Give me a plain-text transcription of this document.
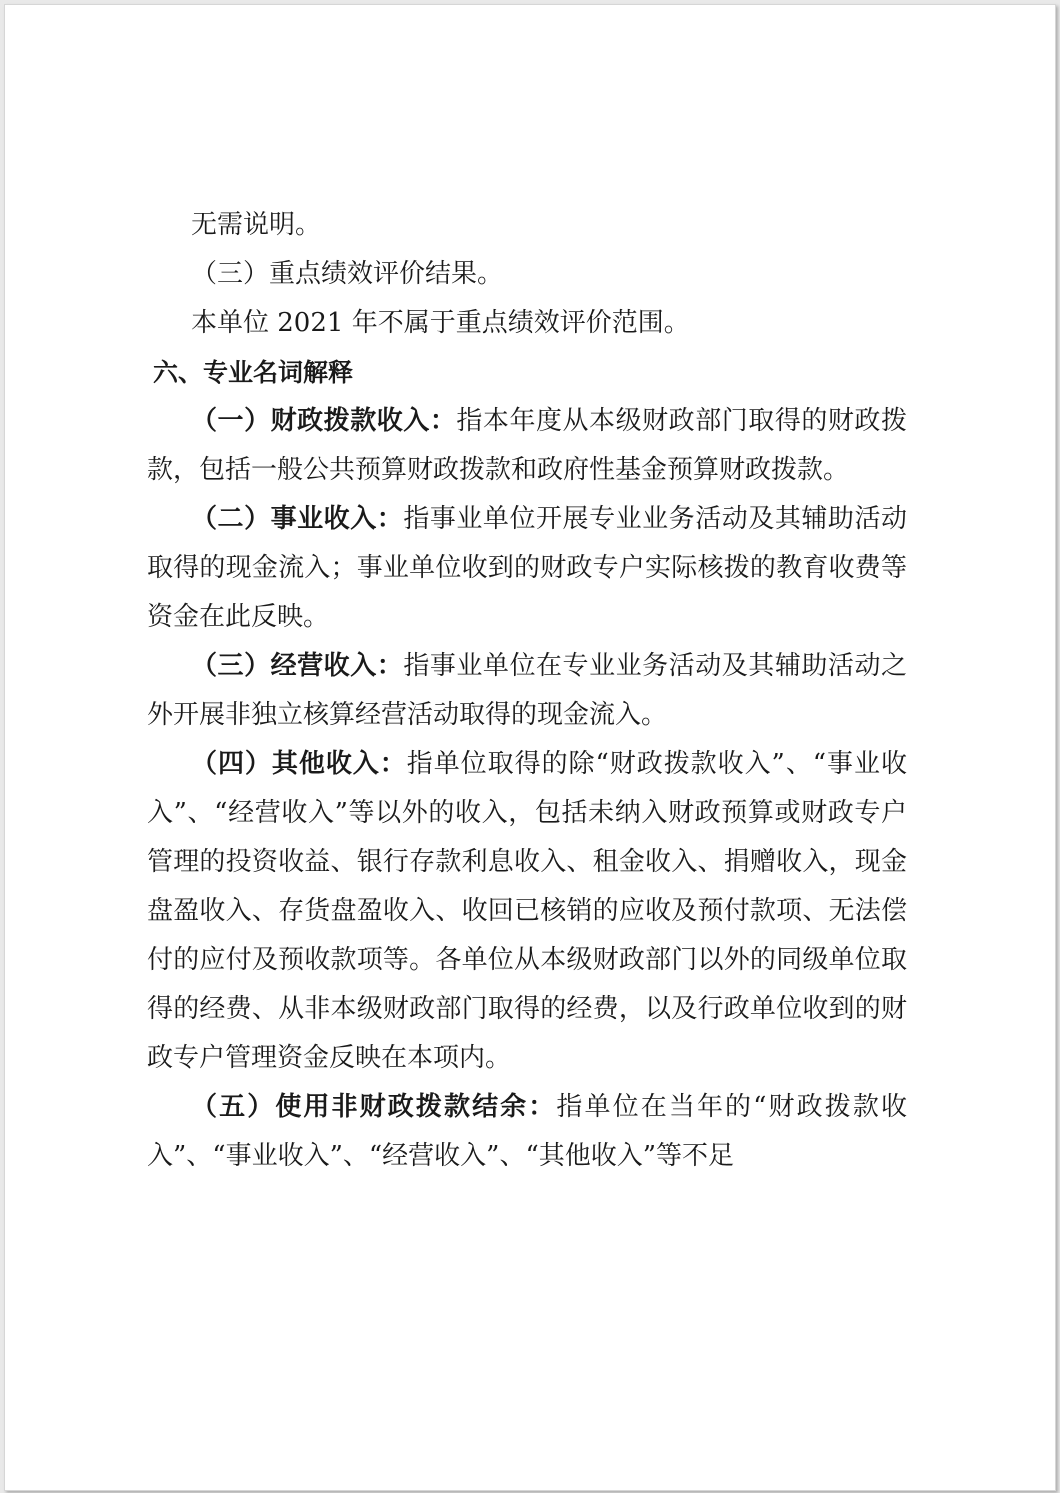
无需说明。

（三）重点绩效评价结果。

本单位 2021 年不属于重点绩效评价范围。

六、专业名词解释

（一）财政拨款收入：指本年度从本级财政部门取得的财政拨款，包括一般公共预算财政拨款和政府性基金预算财政拨款。

（二）事业收入：指事业单位开展专业业务活动及其辅助活动取得的现金流入；事业单位收到的财政专户实际核拨的教育收费等资金在此反映。

（三）经营收入：指事业单位在专业业务活动及其辅助活动之外开展非独立核算经营活动取得的现金流入。

（四）其他收入：指单位取得的除“财政拨款收入”、“事业收入”、“经营收入”等以外的收入，包括未纳入财政预算或财政专户管理的投资收益、银行存款利息收入、租金收入、捐赠收入，现金盘盈收入、存货盘盈收入、收回已核销的应收及预付款项、无法偿付的应付及预收款项等。各单位从本级财政部门以外的同级单位取得的经费、从非本级财政部门取得的经费，以及行政单位收到的财政专户管理资金反映在本项内。

（五）使用非财政拨款结余：指单位在当年的“财政拨款收入”、“事业收入”、“经营收入”、“其他收入”等不足
